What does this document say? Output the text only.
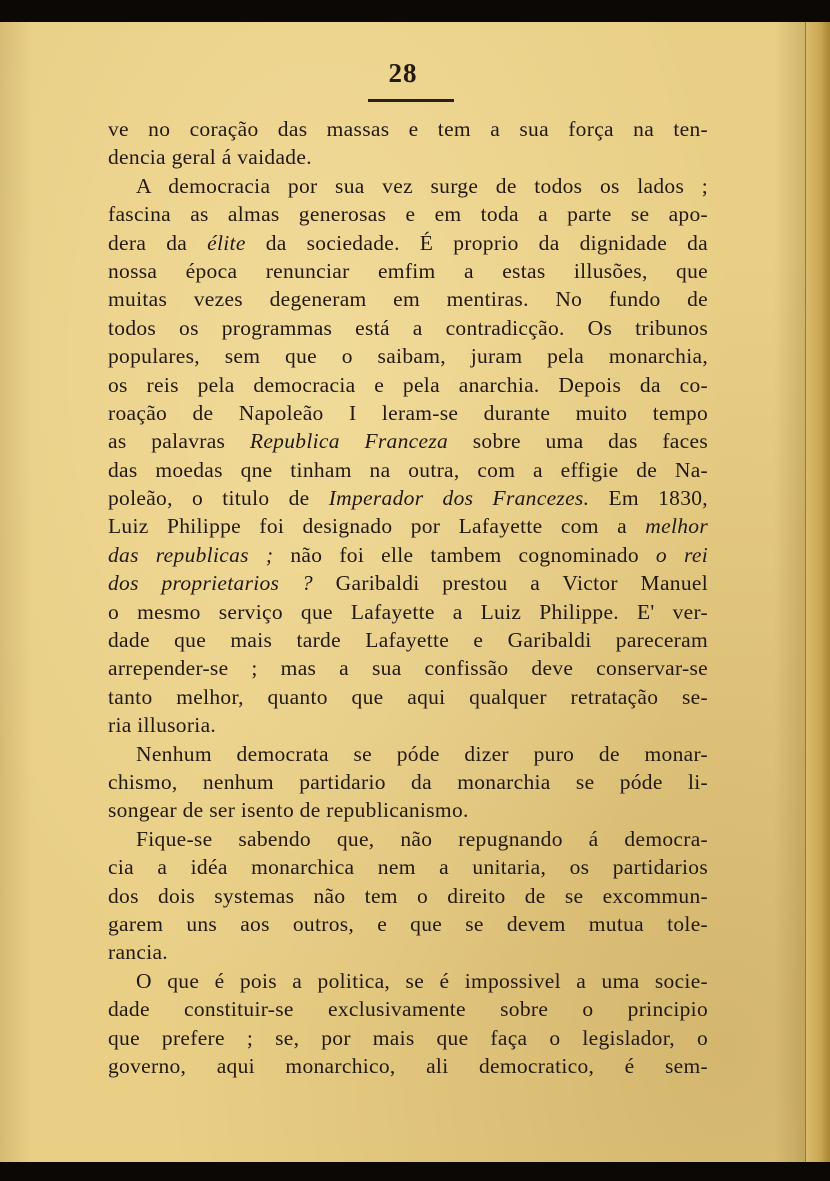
28
ve no coração das massas e tem a sua força na ten-
dencia geral á vaidade.
A democracia por sua vez surge de todos os lados ;
fascina as almas generosas e em toda a parte se apo-
dera da élite da sociedade. É proprio da dignidade da
nossa época renunciar emfim a estas illusões, que
muitas vezes degeneram em mentiras. No fundo de
todos os programmas está a contradicção. Os tribunos
populares, sem que o saibam, juram pela monarchia,
os reis pela democracia e pela anarchia. Depois da co-
roação de Napoleão I leram-se durante muito tempo
as palavras Republica Franceza sobre uma das faces
das moedas qne tinham na outra, com a effigie de Na-
poleão, o titulo de Imperador dos Francezes. Em 1830,
Luiz Philippe foi designado por Lafayette com a melhor
das republicas ; não foi elle tambem cognominado o rei
dos proprietarios ? Garibaldi prestou a Victor Manuel
o mesmo serviço que Lafayette a Luiz Philippe. E' ver-
dade que mais tarde Lafayette e Garibaldi pareceram
arrepender-se ; mas a sua confissão deve conservar-se
tanto melhor, quanto que aqui qualquer retratação se-
ria illusoria.
Nenhum democrata se póde dizer puro de monar-
chismo, nenhum partidario da monarchia se póde li-
songear de ser isento de republicanismo.
Fique-se sabendo que, não repugnando á democra-
cia a idéa monarchica nem a unitaria, os partidarios
dos dois systemas não tem o direito de se excommun-
garem uns aos outros, e que se devem mutua tole-
rancia.
O que é pois a politica, se é impossivel a uma socie-
dade constituir-se exclusivamente sobre o principio
que prefere ; se, por mais que faça o legislador, o
governo, aqui monarchico, ali democratico, é sem-
